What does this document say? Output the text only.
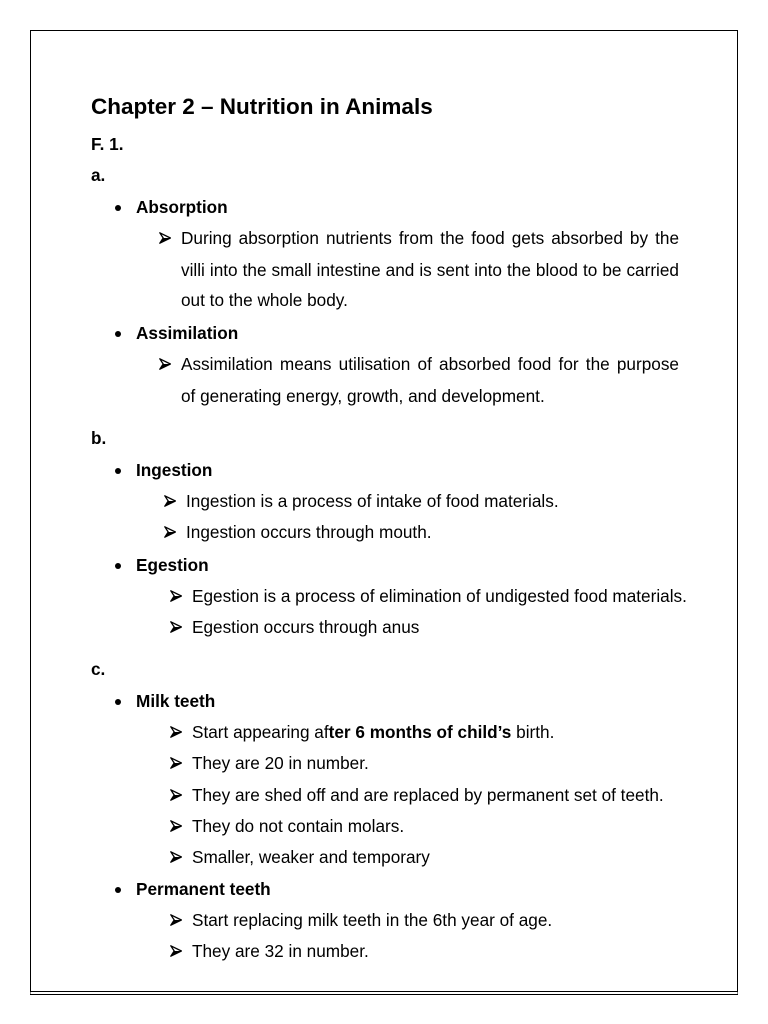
Chapter 2 – Nutrition in Animals
F. 1.
a.
Absorption
During absorption nutrients from the food gets absorbed by the
villi into the small intestine and is sent into the blood to be carried
out to the whole body.
Assimilation
Assimilation means utilisation of absorbed food for the purpose
of generating energy, growth, and development.
b.
Ingestion
Ingestion is a process of intake of food materials.
Ingestion occurs through mouth.
Egestion
Egestion is a process of elimination of undigested food materials.
Egestion occurs through anus
c.
Milk teeth
Start appearing after 6 months of child’s birth.
They are 20 in number.
They are shed off and are replaced by permanent set of teeth.
They do not contain molars.
Smaller, weaker and temporary
Permanent teeth
Start replacing milk teeth in the 6th year of age.
They are 32 in number.
